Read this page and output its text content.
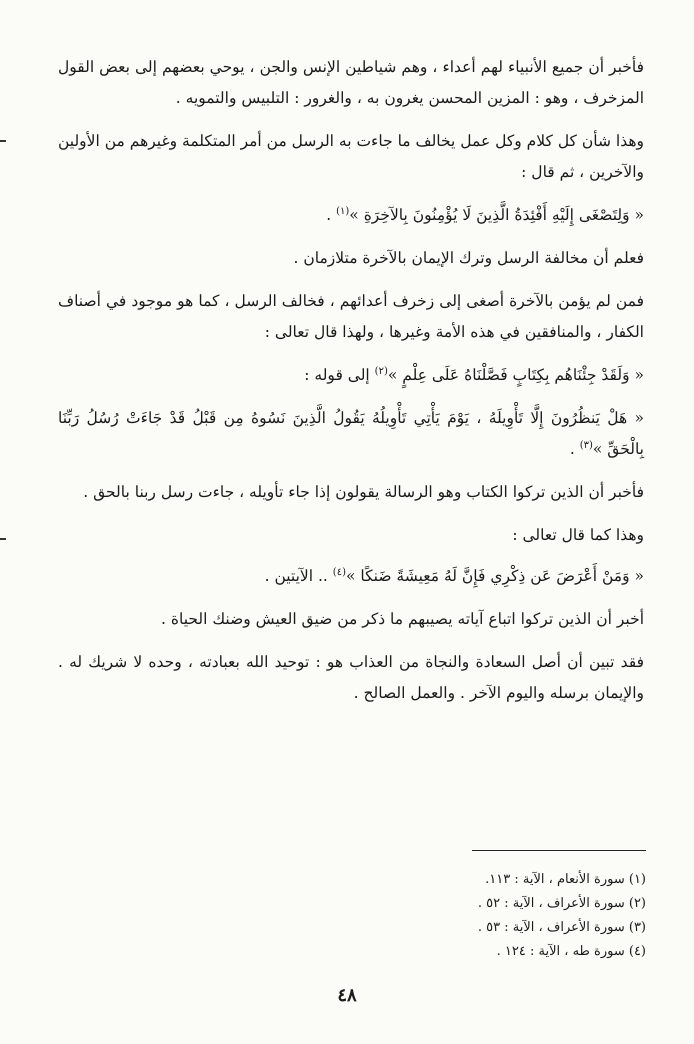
فأخبر أن جميع الأنبياء لهم أعداء ، وهم شياطين الإنس والجن ، يوحي بعضهم إلى بعض القول المزخرف ، وهو : المزين المحسن يغرون به ، والغرور : التلبيس والتمويه .

وهذا شأن كل كلام وكل عمل يخالف ما جاءت به الرسل من أمر المتكلمة وغيرهم من الأولين والآخرين ، ثم قال :

« وَلِتَصْغَى إِلَيْهِ أَفْئِدَةُ الَّذِينَ لَا يُؤْمِنُونَ بِالآخِرَةِ »$^{(١)}$ .

فعلم أن مخالفة الرسل وترك الإيمان بالآخرة متلازمان .

فمن لم يؤمن بالآخرة أصغى إلى زخرف أعدائهم ، فخالف الرسل ، كما هو موجود في أصناف الكفار ، والمنافقين في هذه الأمة وغيرها ، ولهذا قال تعالى :

« وَلَقَدْ جِئْنَاهُم بِكِتَابٍ فَصَّلْنَاهُ عَلَى عِلْمٍ »$^{(٢)}$ إلى قوله :

« هَلْ يَنظُرُونَ إِلَّا تَأْوِيلَهُ ، يَوْمَ يَأْتِي تَأْوِيلُهُ يَقُولُ الَّذِينَ نَسُوهُ مِن قَبْلُ قَدْ جَاءَتْ رُسُلُ رَبِّنَا بِالْحَقِّ »$^{(٣)}$ .

فأخبر أن الذين تركوا الكتاب وهو الرسالة يقولون إذا جاء تأويله ، جاءت رسل ربنا بالحق .

وهذا كما قال تعالى :

« وَمَنْ أَعْرَضَ عَن ذِكْرِي فَإِنَّ لَهُ مَعِيشَةً ضَنكًا »$^{(٤)}$ .. الآيتين .

أخبر أن الذين تركوا اتباع آياته يصيبهم ما ذكر من ضيق العيش وضنك الحياة .

فقد تبين أن أصل السعادة والنجاة من العذاب هو : توحيد الله بعبادته ، وحده لا شريك له . والإيمان برسله واليوم الآخر . والعمل الصالح .

(١) سورة الأنعام ، الآية : ١١٣.
(٢) سورة الأعراف ، الآية : ٥٢ .
(٣) سورة الأعراف ، الآية : ٥٣ .
(٤) سورة طه ، الآية : ١٢٤ .
٤٨
